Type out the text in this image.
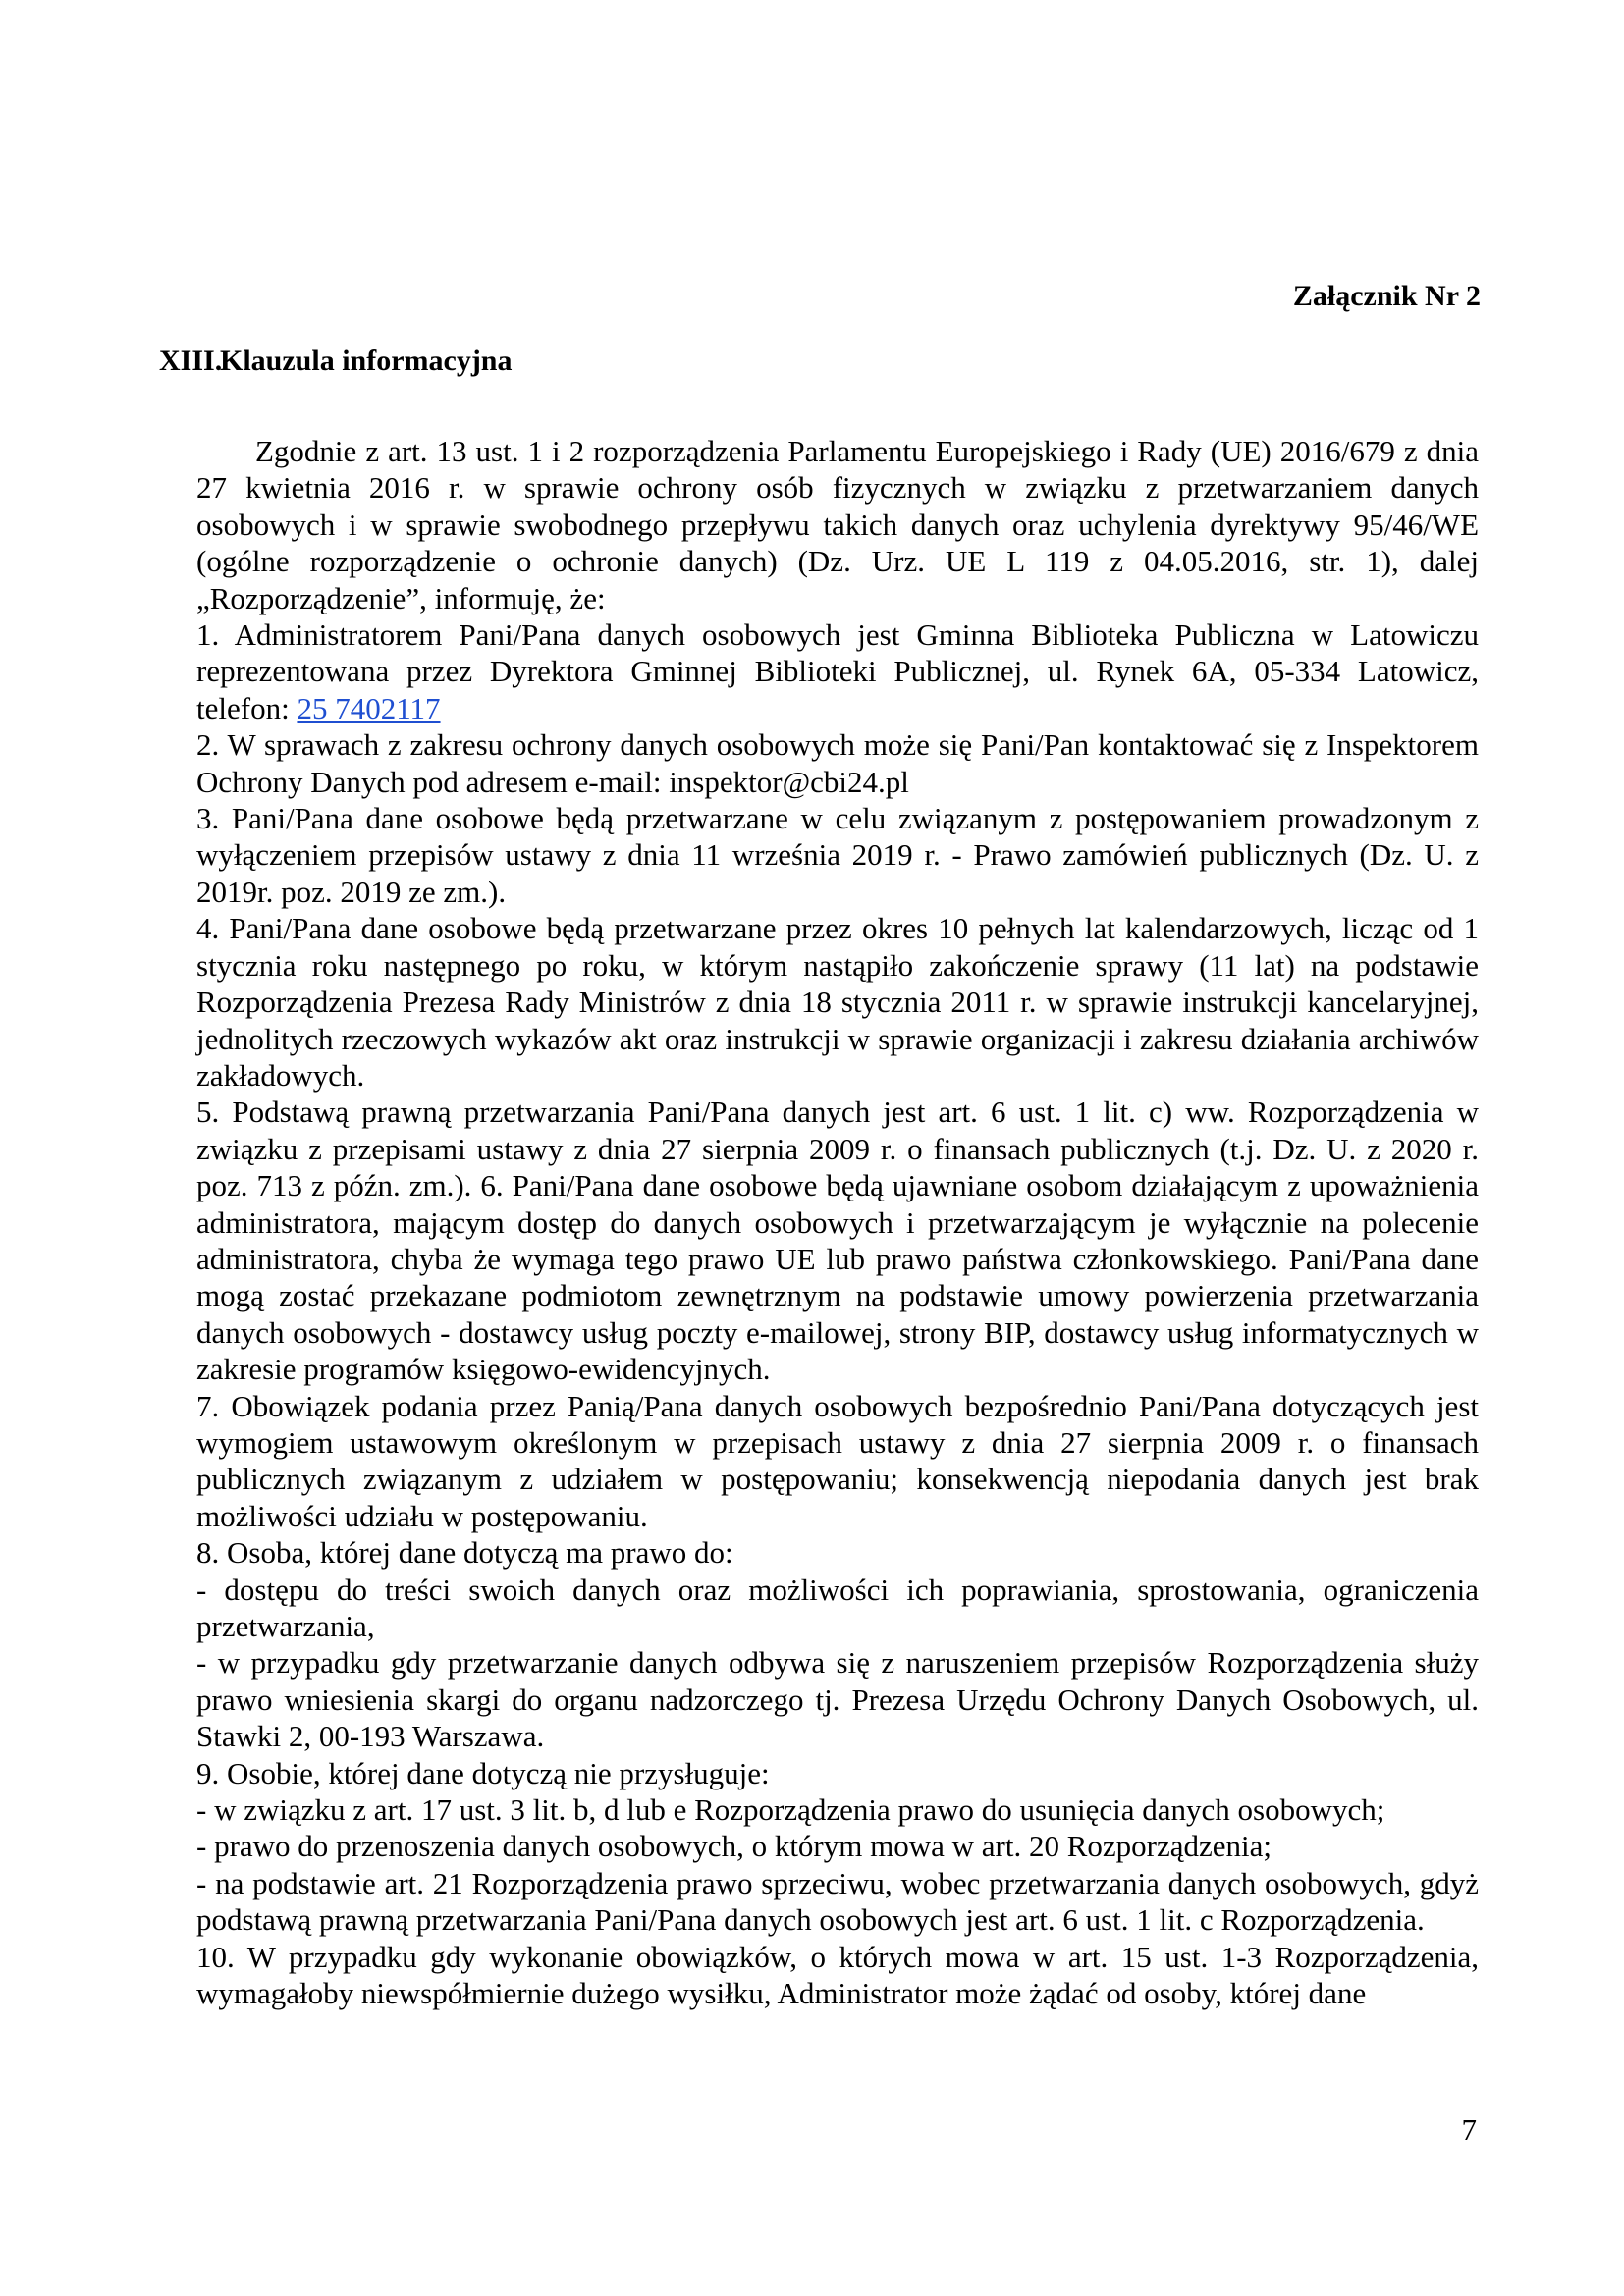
Załącznik Nr 2
XIII.Klauzula informacyjna

Zgodnie z art. 13 ust. 1 i 2 rozporządzenia Parlamentu Europejskiego i Rady (UE) 2016/679 z dnia 27 kwietnia 2016 r. w sprawie ochrony osób fizycznych w związku z przetwarzaniem danych osobowych i w sprawie swobodnego przepływu takich danych oraz uchylenia dyrektywy 95/46/WE (ogólne rozporządzenie o ochronie danych) (Dz. Urz. UE L 119 z 04.05.2016, str. 1), dalej „Rozporządzenie”, informuję, że:

1. Administratorem Pani/Pana danych osobowych jest Gminna Biblioteka Publiczna w Latowiczu reprezentowana przez Dyrektora Gminnej Biblioteki Publicznej, ul. Rynek 6A, 05-334 Latowicz, telefon: 25 7402117

2. W sprawach z zakresu ochrony danych osobowych może się Pani/Pan kontaktować się z Inspektorem Ochrony Danych pod adresem e-mail: inspektor@cbi24.pl

3. Pani/Pana dane osobowe będą przetwarzane w celu związanym z postępowaniem prowadzonym z wyłączeniem przepisów ustawy z dnia 11 września 2019 r. - Prawo zamówień publicznych (Dz. U. z 2019r. poz. 2019 ze zm.).

4. Pani/Pana dane osobowe będą przetwarzane przez okres 10 pełnych lat kalendarzowych, licząc od 1 stycznia roku następnego po roku, w którym nastąpiło zakończenie sprawy (11 lat) na podstawie Rozporządzenia Prezesa Rady Ministrów z dnia 18 stycznia 2011 r. w sprawie instrukcji kancelaryjnej, jednolitych rzeczowych wykazów akt oraz instrukcji w sprawie organizacji i zakresu działania archiwów zakładowych.

5. Podstawą prawną przetwarzania Pani/Pana danych jest art. 6 ust. 1 lit. c) ww. Rozporządzenia w związku z przepisami ustawy z dnia 27 sierpnia 2009 r. o finansach publicznych (t.j. Dz. U. z 2020 r. poz. 713 z późn. zm.). 6. Pani/Pana dane osobowe będą ujawniane osobom działającym z upoważnienia administratora, mającym dostęp do danych osobowych i przetwarzającym je wyłącznie na polecenie administratora, chyba że wymaga tego prawo UE lub prawo państwa członkowskiego. Pani/Pana dane mogą zostać przekazane podmiotom zewnętrznym na podstawie umowy powierzenia przetwarzania danych osobowych - dostawcy usług poczty e-mailowej, strony BIP, dostawcy usług informatycznych w zakresie programów księgowo-ewidencyjnych.

7. Obowiązek podania przez Panią/Pana danych osobowych bezpośrednio Pani/Pana dotyczących jest wymogiem ustawowym określonym w przepisach ustawy z dnia 27 sierpnia 2009 r. o finansach publicznych związanym z udziałem w postępowaniu; konsekwencją niepodania danych jest brak możliwości udziału w postępowaniu.

8. Osoba, której dane dotyczą ma prawo do:

- dostępu do treści swoich danych oraz możliwości ich poprawiania, sprostowania, ograniczenia przetwarzania,

- w przypadku gdy przetwarzanie danych odbywa się z naruszeniem przepisów Rozporządzenia służy prawo wniesienia skargi do organu nadzorczego tj. Prezesa Urzędu Ochrony Danych Osobowych, ul. Stawki 2, 00-193 Warszawa.

9. Osobie, której dane dotyczą nie przysługuje:

- w związku z art. 17 ust. 3 lit. b, d lub e Rozporządzenia prawo do usunięcia danych osobowych;

- prawo do przenoszenia danych osobowych, o którym mowa w art. 20 Rozporządzenia;

- na podstawie art. 21 Rozporządzenia prawo sprzeciwu, wobec przetwarzania danych osobowych, gdyż podstawą prawną przetwarzania Pani/Pana danych osobowych jest art. 6 ust. 1 lit. c Rozporządzenia.

10. W przypadku gdy wykonanie obowiązków, o których mowa w art. 15 ust. 1-3 Rozporządzenia, wymagałoby niewspółmiernie dużego wysiłku, Administrator może żądać od osoby, której dane

7
